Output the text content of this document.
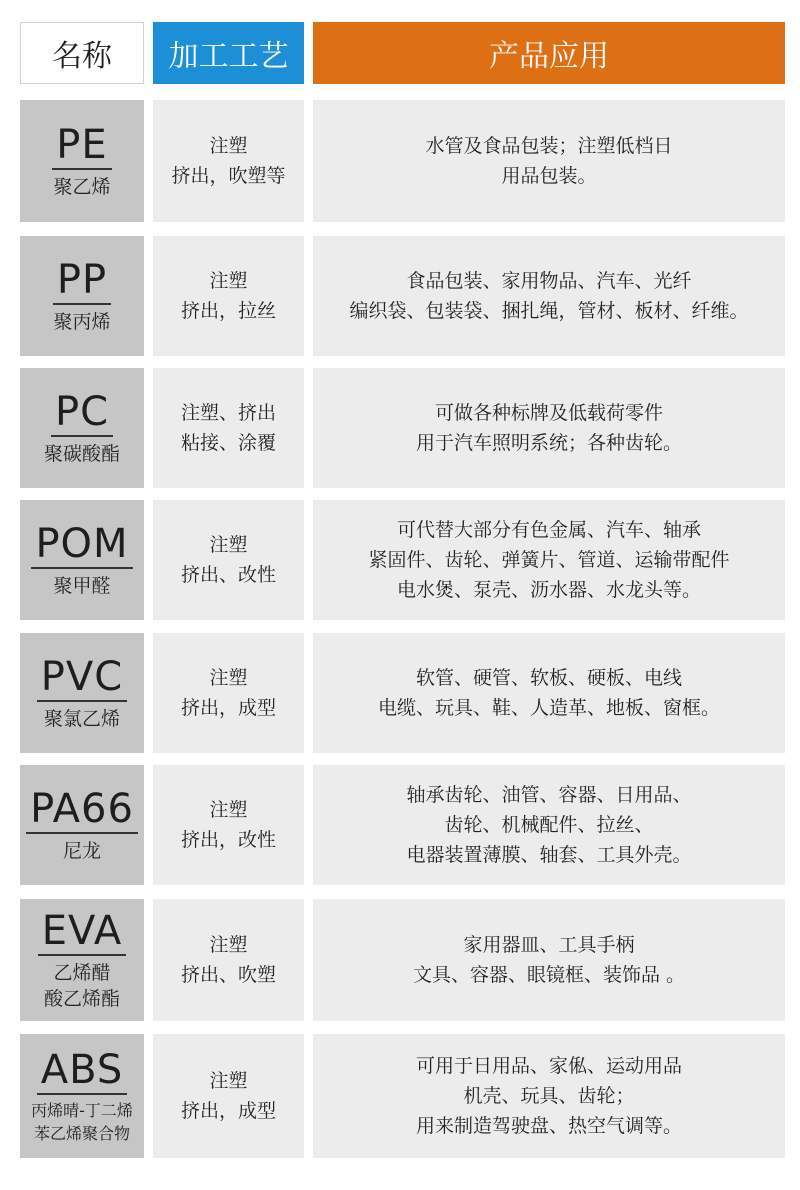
名称	加工工艺	产品应用
PE
聚乙烯
注塑
挤出，吹塑等
水管及食品包装；注塑低档日
用品包装。
PP
聚丙烯
注塑
挤出，拉丝
食品包装、家用物品、汽车、光纤
编织袋、包装袋、捆扎绳，管材、板材、纤维。
PC
聚碳酸酯
注塑、挤出
粘接、涂覆
可做各种标牌及低载荷零件
用于汽车照明系统；各种齿轮。
POM
聚甲醛
注塑
挤出、改性
可代替大部分有色金属、汽车、轴承
紧固件、齿轮、弹簧片、管道、运输带配件
电水煲、泵壳、沥水器、水龙头等。
PVC
聚氯乙烯
注塑
挤出，成型
软管、硬管、软板、硬板、电线
电缆、玩具、鞋、人造革、地板、窗框。
PA66
尼龙
注塑
挤出，改性
轴承齿轮、油管、容器、日用品、
齿轮、机械配件、拉丝、
电器装置薄膜、轴套、工具外壳。
EVA
乙烯醋
酸乙烯酯
注塑
挤出、吹塑
家用器皿、工具手柄
文具、容器、眼镜框、装饰品 。
ABS
丙烯晴-丁二烯
苯乙烯聚合物
注塑
挤出，成型
可用于日用品、家俬、运动用品
机壳、玩具、齿轮；
用来制造驾驶盘、热空气调等。
